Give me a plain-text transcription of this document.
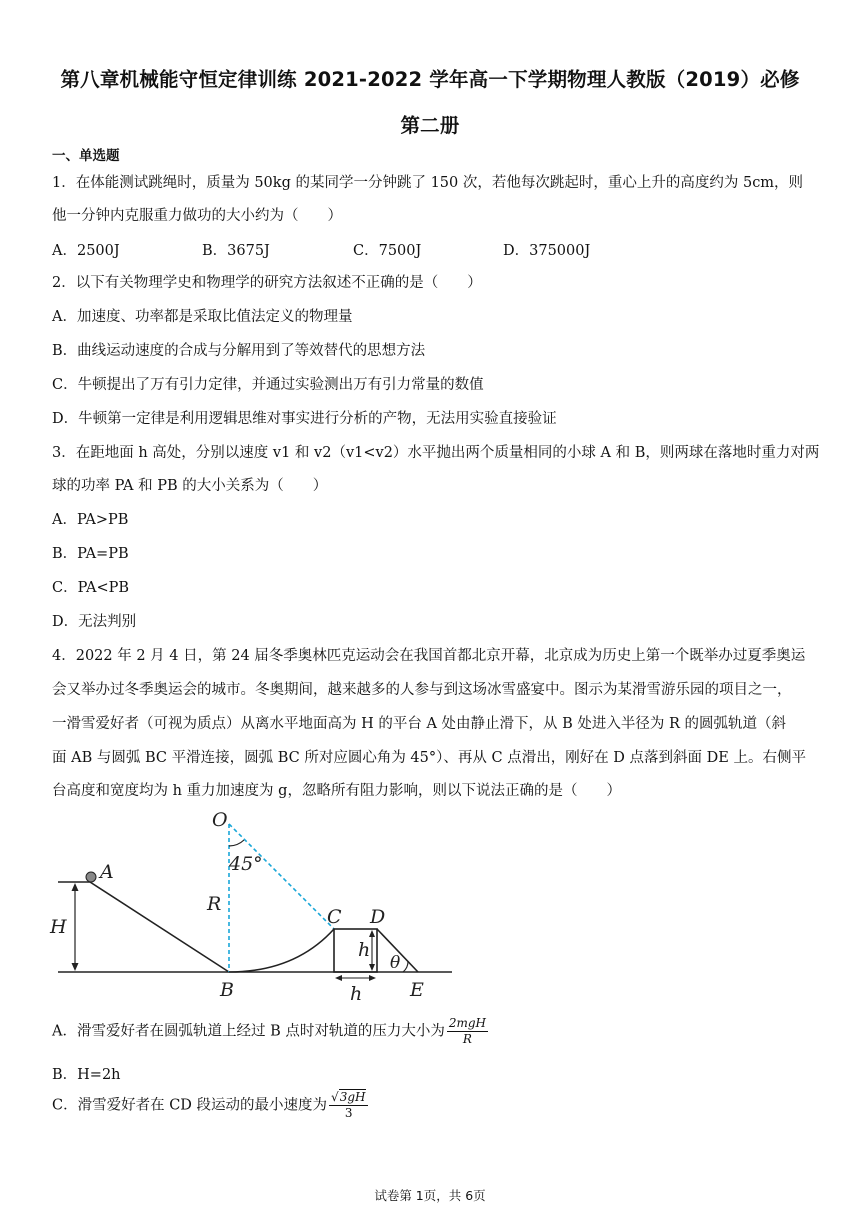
第八章机械能守恒定律训练 2021-2022 学年高一下学期物理人教版（2019）必修
第二册
一、单选题
1．在体能测试跳绳时，质量为 50kg 的某同学一分钟跳了 150 次，若他每次跳起时，重心上升的高度约为 5cm，则
他一分钟内克服重力做功的大小约为（　　）
A．2500J	B．3675J	C．7500J	D．375000J
2．以下有关物理学史和物理学的研究方法叙述不正确的是（　　）
A．加速度、功率都是采取比值法定义的物理量
B．曲线运动速度的合成与分解用到了等效替代的思想方法
C．牛顿提出了万有引力定律，并通过实验测出万有引力常量的数值
D．牛顿第一定律是利用逻辑思维对事实进行分析的产物，无法用实验直接验证
3．在距地面 h 高处，分别以速度 v1 和 v2（v1<v2）水平抛出两个质量相同的小球 A 和 B，则两球在落地时重力对两
球的功率 PA 和 PB 的大小关系为（　　）
A．PA>PB
B．PA=PB
C．PA<PB
D．无法判别
4．2022 年 2 月 4 日，第 24 届冬季奥林匹克运动会在我国首都北京开幕，北京成为历史上第一个既举办过夏季奥运
会又举办过冬季奥运会的城市。冬奥期间，越来越多的人参与到这场冰雪盛宴中。图示为某滑雪游乐园的项目之一，
一滑雪爱好者（可视为质点）从离水平地面高为 H 的平台 A 处由静止滑下，从 B 处进入半径为 R 的圆弧轨道（斜
面 AB 与圆弧 BC 平滑连接，圆弧 BC 所对应圆心角为 45°）、再从 C 点滑出，刚好在 D 点落到斜面 DE 上。右侧平
台高度和宽度均为 h 重力加速度为 g，忽略所有阻力影响，则以下说法正确的是（　　）
H
A
O
45°
R
B
C D
h
h
θ
E
A．滑雪爱好者在圆弧轨道上经过 B 点时对轨道的压力大小为 $\frac{\text{2mgH}}{R}$
B．H=2h
C．滑雪爱好者在 CD 段运动的最小速度为 $\frac{√3gH}{3}$
试卷第 1页，共 6页
